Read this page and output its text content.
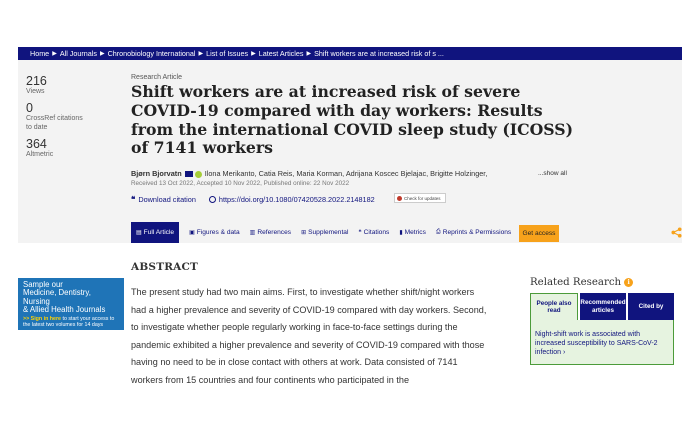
Home ▶ All Journals ▶ Chronobiology International ▶ List of Issues ▶ Latest Articles ▶ Shift workers are at increased risk of s ...
216
Views
0
CrossRef citations to date
364
Altmetric
Research Article
Shift workers are at increased risk of severe COVID-19 compared with day workers: Results from the international COVID sleep study (ICOSS) of 7141 workers
Bjørn Bjorvatn	Ilona Merikanto, Catia Reis, Maria Korman, Adrijana Koscec Bjelajac, Brigitte Holzinger,	...show all
Received 13 Oct 2022, Accepted 10 Nov 2022, Published online: 22 Nov 2022
❝ Download citation	https://doi.org/10.1080/07420528.2022.2148182	Check for updates
▤ Full Article	▣ Figures & data ▥ References ⊞ Supplemental ❝ Citations ▮ Metrics ⎙ Reprints & Permissions	Get access
ABSTRACT

The present study had two main aims. First, to investigate whether shift/night workers had a higher prevalence and severity of COVID-19 compared with day workers. Second, to investigate whether people regularly working in face-to-face settings during the pandemic exhibited a higher prevalence and severity of COVID-19 compared with those having no need to be in close contact with others at work. Data consisted of 7141 workers from 15 countries and four continents who participated in the

Sample our
Medicine, Dentistry, Nursing
& Allied Health Journals
>> Sign in here to start your access to the latest two volumes for 14 days
Related Research	i
People also read
Recommended articles
Cited by
Night-shift work is associated with increased susceptibility to SARS-CoV-2 infection ›
